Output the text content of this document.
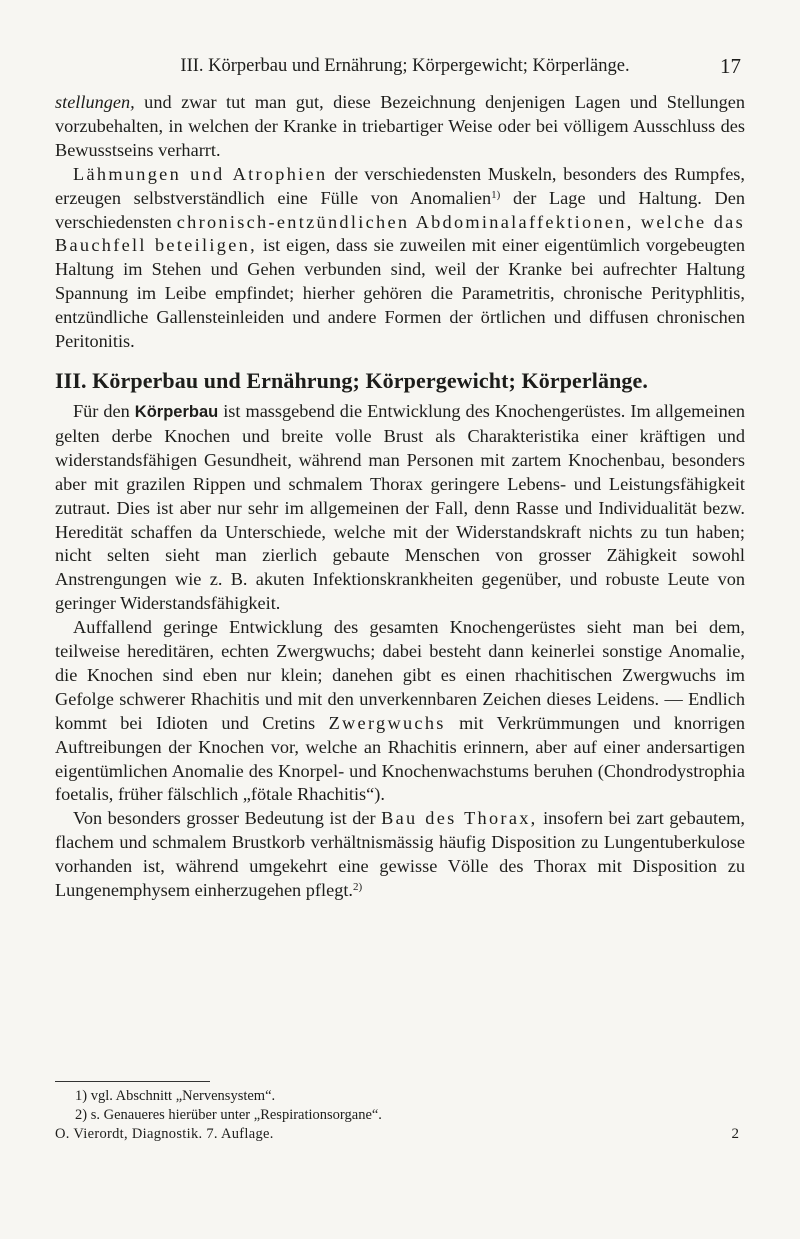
III. Körperbau und Ernährung; Körpergewicht; Körperlänge.	17

stellungen, und zwar tut man gut, diese Bezeichnung denjenigen Lagen und Stellungen vorzubehalten, in welchen der Kranke in triebartiger Weise oder bei völligem Ausschluss des Bewusstseins verharrt.

Lähmungen und Atrophien der verschiedensten Muskeln, besonders des Rumpfes, erzeugen selbstverständlich eine Fülle von Anomalien$^{1)}$ der Lage und Haltung. Den verschiedensten chronisch-entzündlichen Abdominalaffektionen, welche das Bauchfell beteiligen, ist eigen, dass sie zuweilen mit einer eigentümlich vorgebeugten Haltung im Stehen und Gehen verbunden sind, weil der Kranke bei aufrechter Haltung Spannung im Leibe empfindet; hierher gehören die Parametritis, chronische Perityphlitis, entzündliche Gallensteinleiden und andere Formen der örtlichen und diffusen chronischen Peritonitis.

III. Körperbau und Ernährung; Körpergewicht; Körperlänge.

Für den Körperbau ist massgebend die Entwicklung des Knochengerüstes. Im allgemeinen gelten derbe Knochen und breite volle Brust als Charakteristika einer kräftigen und widerstandsfähigen Gesundheit, während man Personen mit zartem Knochenbau, besonders aber mit grazilen Rippen und schmalem Thorax geringere Lebens- und Leistungsfähigkeit zutraut. Dies ist aber nur sehr im allgemeinen der Fall, denn Rasse und Individualität bezw. Heredität schaffen da Unterschiede, welche mit der Widerstandskraft nichts zu tun haben; nicht selten sieht man zierlich gebaute Menschen von grosser Zähigkeit sowohl Anstrengungen wie z. B. akuten Infektionskrankheiten gegenüber, und robuste Leute von geringer Widerstandsfähigkeit.

Auffallend geringe Entwicklung des gesamten Knochengerüstes sieht man bei dem, teilweise hereditären, echten Zwergwuchs; dabei besteht dann keinerlei sonstige Anomalie, die Knochen sind eben nur klein; danehen gibt es einen rhachitischen Zwergwuchs im Gefolge schwerer Rhachitis und mit den unverkennbaren Zeichen dieses Leidens. — Endlich kommt bei Idioten und Cretins Zwergwuchs mit Verkrümmungen und knorrigen Auftreibungen der Knochen vor, welche an Rhachitis erinnern, aber auf einer andersartigen eigentümlichen Anomalie des Knorpel- und Knochenwachstums beruhen (Chondrodystrophia foetalis, früher fälschlich „fötale Rhachitis“).

Von besonders grosser Bedeutung ist der Bau des Thorax, insofern bei zart gebautem, flachem und schmalem Brustkorb verhältnismässig häufig Disposition zu Lungentuberkulose vorhanden ist, während umgekehrt eine gewisse Völle des Thorax mit Disposition zu Lungenemphysem einherzugehen pflegt.$^{2)}$

1) vgl. Abschnitt „Nervensystem“.
2) s. Genaueres hierüber unter „Respirationsorgane“.
O. Vierordt, Diagnostik. 7. Auflage.	2
